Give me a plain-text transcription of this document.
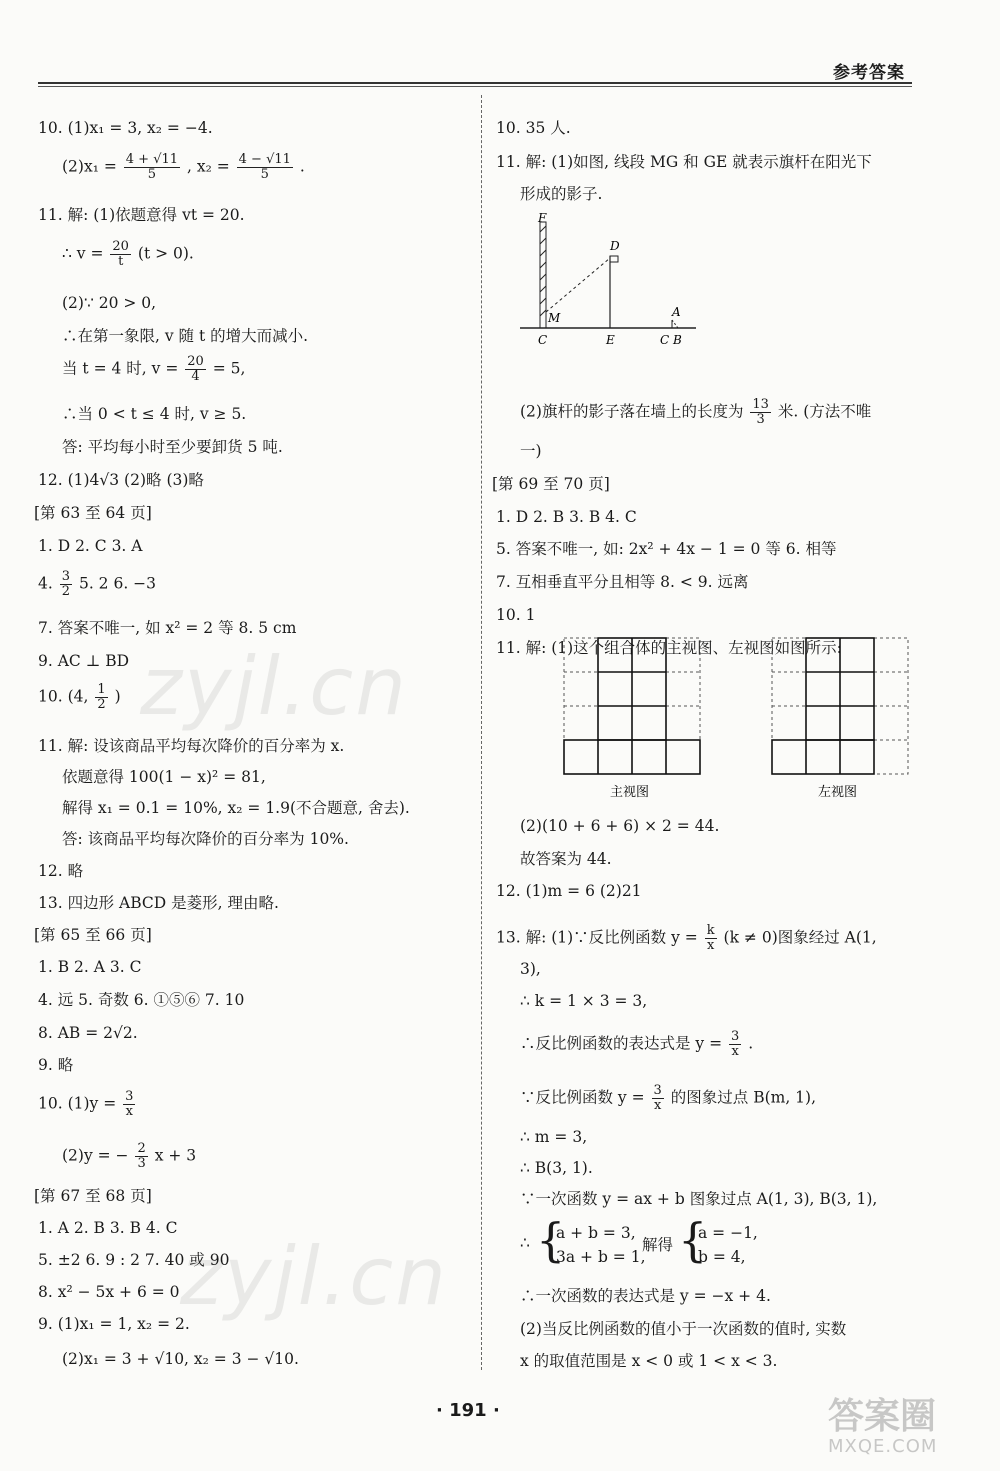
参考答案
zyjl.cn
zyjl.cn
10. (1)x₁ = 3, x₂ = −4.
$(2)x_1 = \frac{4 + √11}{5}$ , $x_2 = \frac{4 - √11}{5}$ .
11. 解: (1)依题意得 vt = 20.
∴ $v = \frac{20}{t} (t > 0)$.
(2)∵ 20 > 0,
∴在第一象限, v 随 t 的增大而减小.
当 t = 4 时, $v = \frac{20}{4} = 5$,
∴当 0 < t ≤ 4 时, v ≥ 5.
答: 平均每小时至少要卸货 5 吨.
12. (1)4√3 (2)略 (3)略
[第 63 至 64 页]
1. D 2. C 3. A
4. $\frac{3}{2} 5$. 2 6. −3
7. 答案不唯一, 如 x² = 2 等 8. 5 cm
9. AC ⊥ BD
10. (4, $\frac{1}{2}$ )
11. 解: 设该商品平均每次降价的百分率为 x.
依题意得 100(1 − x)² = 81,
解得 x₁ = 0.1 = 10%, x₂ = 1.9(不合题意, 舍去).
答: 该商品平均每次降价的百分率为 10%.
12. 略
13. 四边形 ABCD 是菱形, 理由略.
[第 65 至 66 页]
1. B 2. A 3. C
4. 远 5. 奇数 6. ①⑤⑥ 7. 10
8. AB = 2√2.
9. 略
10. $(1)y = \frac{3}{x}$
(2)y = − $\frac{2}{3}$ x + 3
[第 67 至 68 页]
1. A 2. B 3. B 4. C
5. ±2 6. 9 : 2 7. 40 或 90
8. x² − 5x + 6 = 0
9. (1)x₁ = 1, x₂ = 2.
(2)x₁ = 3 + √10, x₂ = 3 − √10.
10. 35 人.
11. 解: (1)如图, 线段 MG 和 GE 就表示旗杆在阳光下
形成的影子.
F
D
M	A
C	E	C B
(2)旗杆的影子落在墙上的长度为 $\frac{13}{3}$ 米. (方法不唯
一)
[第 69 至 70 页]
1. D 2. B 3. B 4. C
5. 答案不唯一, 如: 2x² + 4x − 1 = 0 等 6. 相等
7. 互相垂直平分且相等 8. < 9. 远离
10. 1
11. 解: (1)这个组合体的主视图、左视图如图所示:
主视图	左视图
(2)(10 + 6 + 6) × 2 = 44.
故答案为 44.
12. (1)m = 6 (2)21
13. 解: (1)∵反比例函数 $y = \frac{k}{x} (k \ne 0)$图象经过 A(1,
3),
∴ k = 1 × 3 = 3,
∴反比例函数的表达式是 $y = \frac{3}{x}$ .
∵反比例函数 $y = \frac{3}{x}$ 的图象过点 B(m, 1),
∴ m = 3,
∴ B(3, 1).
∵一次函数 y = ax + b 图象过点 A(1, 3), B(3, 1),
∴ {
a + b = 3,
3a + b = 1,
解得 {
a = −1,
b = 4,
∴一次函数的表达式是 y = −x + 4.
(2)当反比例函数的值小于一次函数的值时, 实数
x 的取值范围是 x < 0 或 1 < x < 3.
· 191 ·	答案圈
MXQE.COM
